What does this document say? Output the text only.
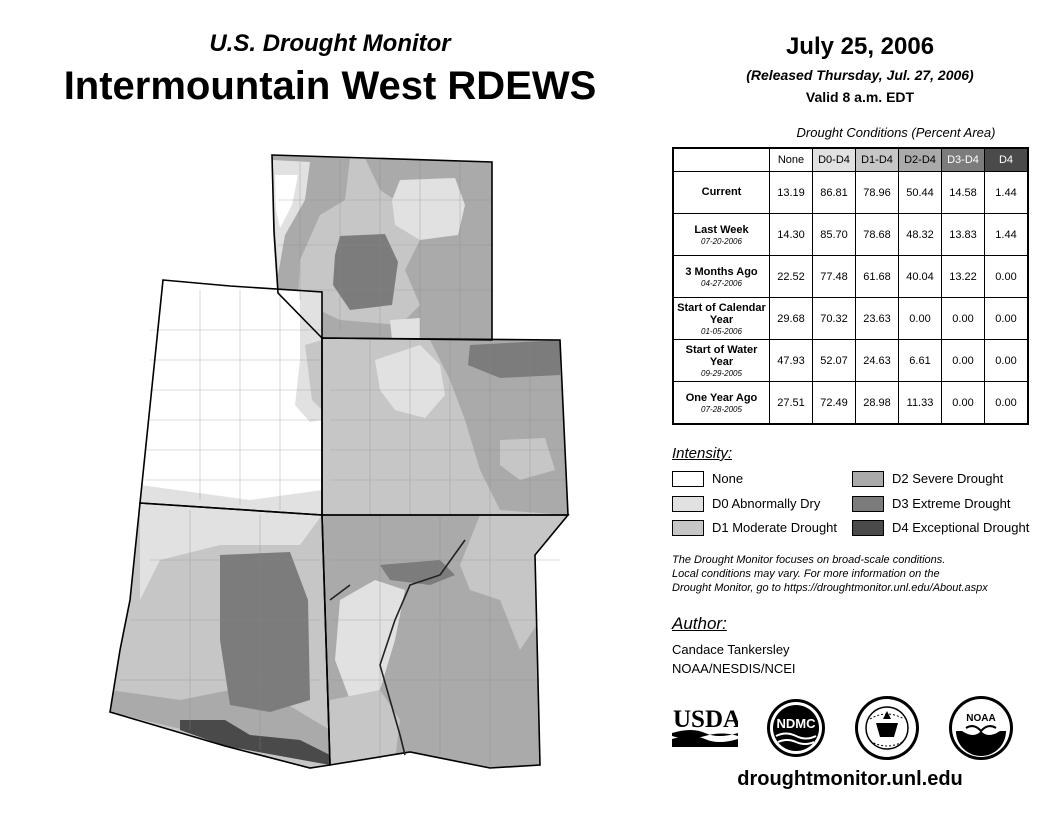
U.S. Drought Monitor
Intermountain West RDEWS
July 25, 2006
(Released Thursday, Jul. 27, 2006)
Valid 8 a.m. EDT
Drought Conditions (Percent Area)
	None	D0-D4	D1-D4	D2-D4	D3-D4	D4
Current	13.19	86.81	78.96	50.44	14.58	1.44
Last Week
07-20-2006	14.30	85.70	78.68	48.32	13.83	1.44
3 Months Ago
04-27-2006	22.52	77.48	61.68	40.04	13.22	0.00
Start of Calendar Year
01-05-2006	29.68	70.32	23.63	0.00	0.00	0.00
Start of Water Year
09-29-2005	47.93	52.07	24.63	6.61	0.00	0.00
One Year Ago
07-28-2005	27.51	72.49	28.98	11.33	0.00	0.00
Intensity:
None
D0 Abnormally Dry
D1 Moderate Drought
D2 Severe Drought
D3 Extreme Drought
D4 Exceptional Drought
The Drought Monitor focuses on broad-scale conditions.
Local conditions may vary. For more information on the
Drought Monitor, go to https://droughtmonitor.unl.edu/About.aspx
Author:
Candace Tankersley
NOAA/NESDIS/NCEI
USDA	NDMC	NOAA
droughtmonitor.unl.edu
